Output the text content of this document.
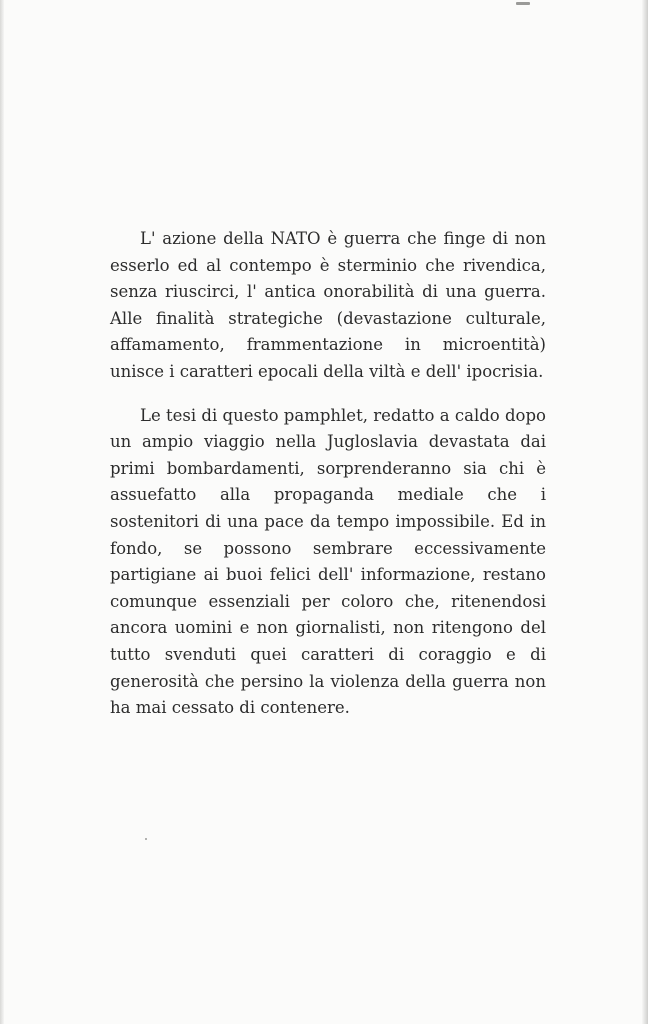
L' azione della NATO è guerra che finge di non esserlo ed al contempo è sterminio che rivendica, senza riuscirci, l' antica onorabilità di una guerra. Alle finalità strategiche (devastazione culturale, affamamento, frammentazione in microentità) unisce i caratteri epocali della viltà e dell' ipocrisia.

Le tesi di questo pamphlet, redatto a caldo dopo un ampio viaggio nella Jugloslavia devastata dai primi bombardamenti, sorprenderanno sia chi è assuefatto alla propaganda mediale che i sostenitori di una pace da tempo impossibile. Ed in fondo, se possono sembrare eccessivamente partigiane ai buoi felici dell' informazione, restano comunque essenziali per coloro che, ritenendosi ancora uomini e non giornalisti, non ritengono del tutto svenduti quei caratteri di coraggio e di generosità che persino la violenza della guerra non ha mai cessato di contenere.
